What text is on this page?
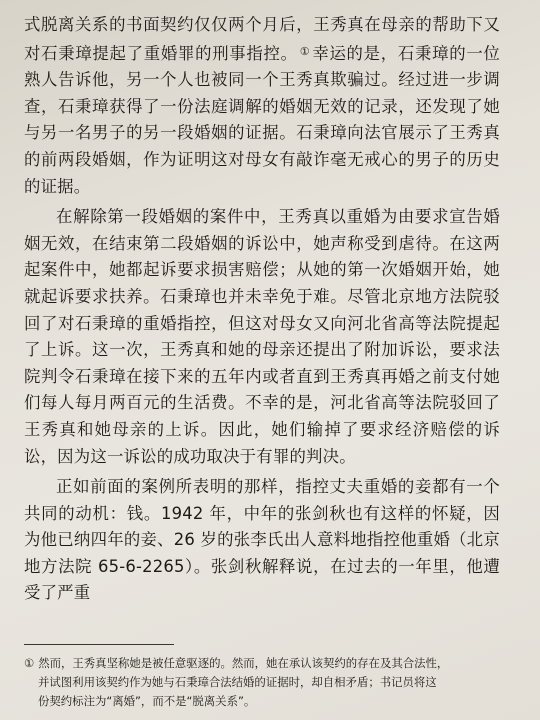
式脱离关系的书面契约仅仅两个月后，王秀真在母亲的帮助下又对石秉璋提起了重婚罪的刑事指控。 ① 幸运的是，石秉璋的一位熟人告诉他，另一个人也被同一个王秀真欺骗过。经过进一步调查，石秉璋获得了一份法庭调解的婚姻无效的记录，还发现了她与另一名男子的另一段婚姻的证据。石秉璋向法官展示了王秀真的前两段婚姻，作为证明这对母女有敲诈毫无戒心的男子的历史的证据。

在解除第一段婚姻的案件中，王秀真以重婚为由要求宣告婚姻无效，在结束第二段婚姻的诉讼中，她声称受到虐待。在这两起案件中，她都起诉要求损害赔偿；从她的第一次婚姻开始，她就起诉要求扶养。石秉璋也并未幸免于难。尽管北京地方法院驳回了对石秉璋的重婚指控，但这对母女又向河北省高等法院提起了上诉。这一次，王秀真和她的母亲还提出了附加诉讼，要求法院判令石秉璋在接下来的五年内或者直到王秀真再婚之前支付她们每人每月两百元的生活费。不幸的是，河北省高等法院驳回了王秀真和她母亲的上诉。因此，她们输掉了要求经济赔偿的诉讼，因为这一诉讼的成功取决于有罪的判决。

正如前面的案例所表明的那样，指控丈夫重婚的妾都有一个共同的动机：钱。1942 年，中年的张剑秋也有这样的怀疑，因为他已纳四年的妾、26 岁的张李氏出人意料地指控他重婚（北京地方法院 65-6-2265）。张剑秋解释说，在过去的一年里，他遭受了严重

① 然而，王秀真坚称她是被任意驱逐的。然而，她在承认该契约的存在及其合法性，
并试图利用该契约作为她与石秉璋合法结婚的证据时，却自相矛盾；书记员将这
份契约标注为“离婚”，而不是“脱离关系”。
